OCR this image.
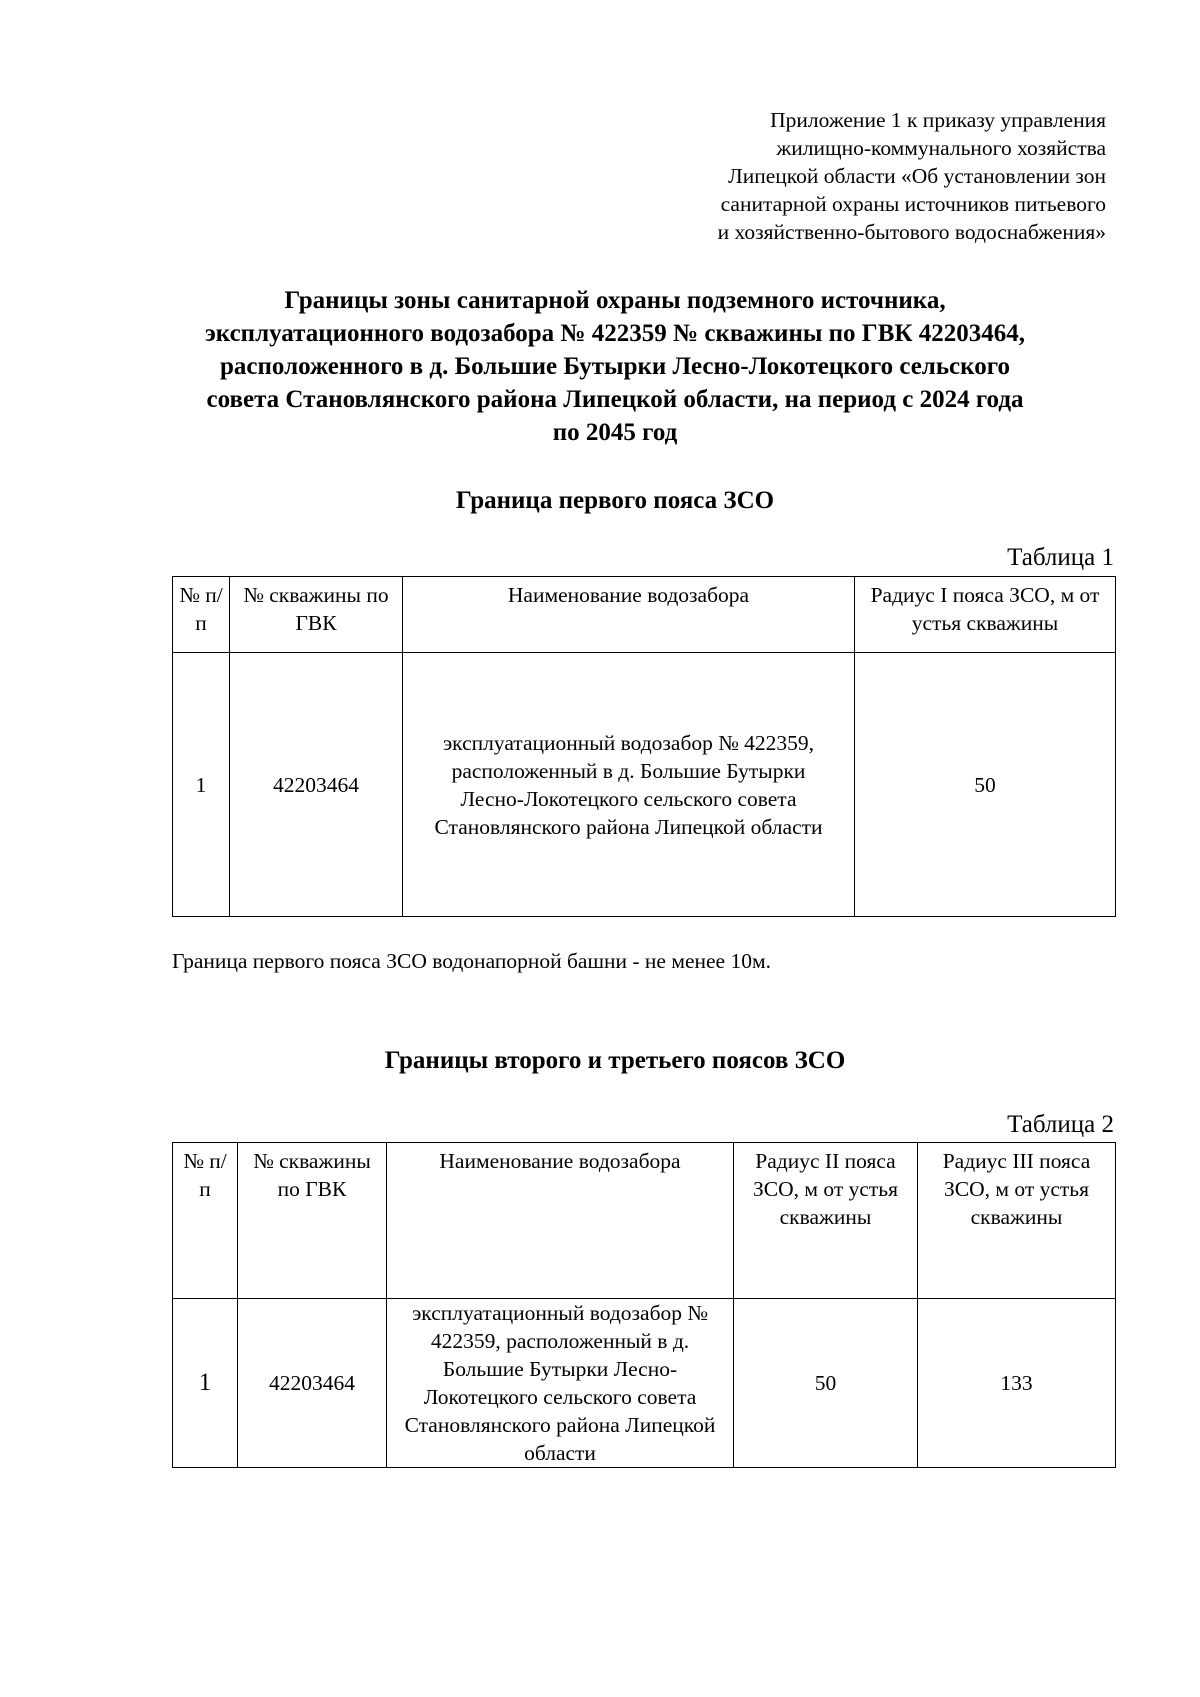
Приложение 1 к приказу управления
жилищно-коммунального хозяйства
Липецкой области «Об установлении зон
санитарной охраны источников питьевого
и хозяйственно-бытового водоснабжения»
Границы зоны санитарной охраны подземного источника,
эксплуатационного водозабора № 422359 № скважины по ГВК 42203464,
расположенного в д. Большие Бутырки Лесно-Локотецкого сельского
совета Становлянского района Липецкой области, на период с 2024 года
по 2045 год
Граница первого пояса ЗСО
Таблица 1
№ п/п	№ скважины по ГВК	Наименование водозабора	Радиус I пояса ЗСО, м от устья скважины
1	42203464	эксплуатационный водозабор № 422359, расположенный в д. Большие Бутырки Лесно-Локотецкого сельского совета Становлянского района Липецкой области	50
Граница первого пояса ЗСО водонапорной башни - не менее 10м.
Границы второго и третьего поясов ЗСО
Таблица 2
№ п/п	№ скважины по ГВК	Наименование водозабора	Радиус II пояса ЗСО, м от устья скважины	Радиус III пояса ЗСО, м от устья скважины
1	42203464	эксплуатационный водозабор № 422359, расположенный в д. Большие Бутырки Лесно-Локотецкого сельского совета Становлянского района Липецкой области	50	133
